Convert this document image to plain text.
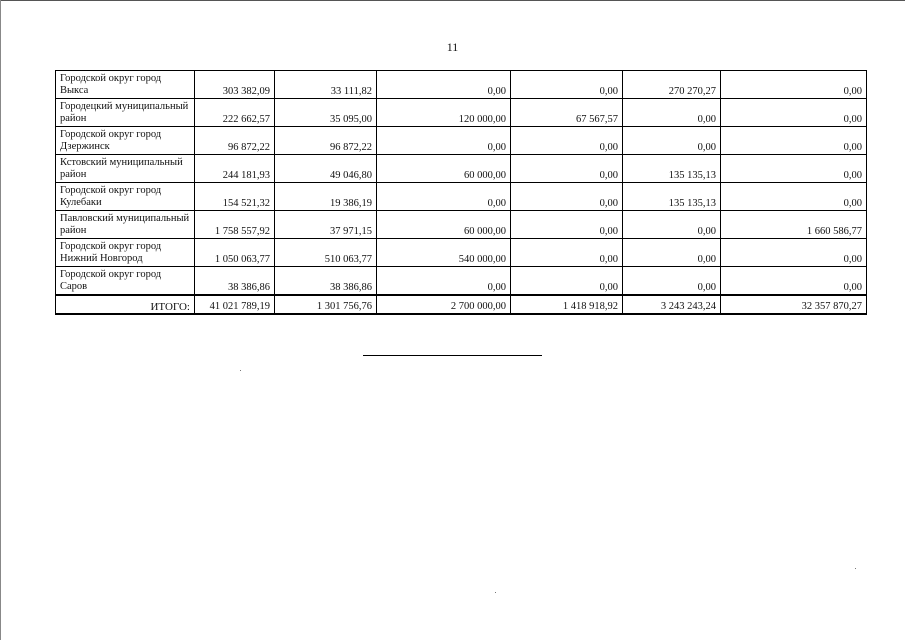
11
Городской округ город Выкса	303 382,09	33 111,82	0,00	0,00	270 270,27	0,00
Городецкий муниципальный район	222 662,57	35 095,00	120 000,00	67 567,57	0,00	0,00
Городской округ город Дзержинск	96 872,22	96 872,22	0,00	0,00	0,00	0,00
Кстовский муниципальный район	244 181,93	49 046,80	60 000,00	0,00	135 135,13	0,00
Городской округ город Кулебаки	154 521,32	19 386,19	0,00	0,00	135 135,13	0,00
Павловский муниципальный район	1 758 557,92	37 971,15	60 000,00	0,00	0,00	1 660 586,77
Городской округ город Нижний Новгород	1 050 063,77	510 063,77	540 000,00	0,00	0,00	0,00
Городской округ город Саров	38 386,86	38 386,86	0,00	0,00	0,00	0,00
ИТОГО:	41 021 789,19	1 301 756,76	2 700 000,00	1 418 918,92	3 243 243,24	32 357 870,27
